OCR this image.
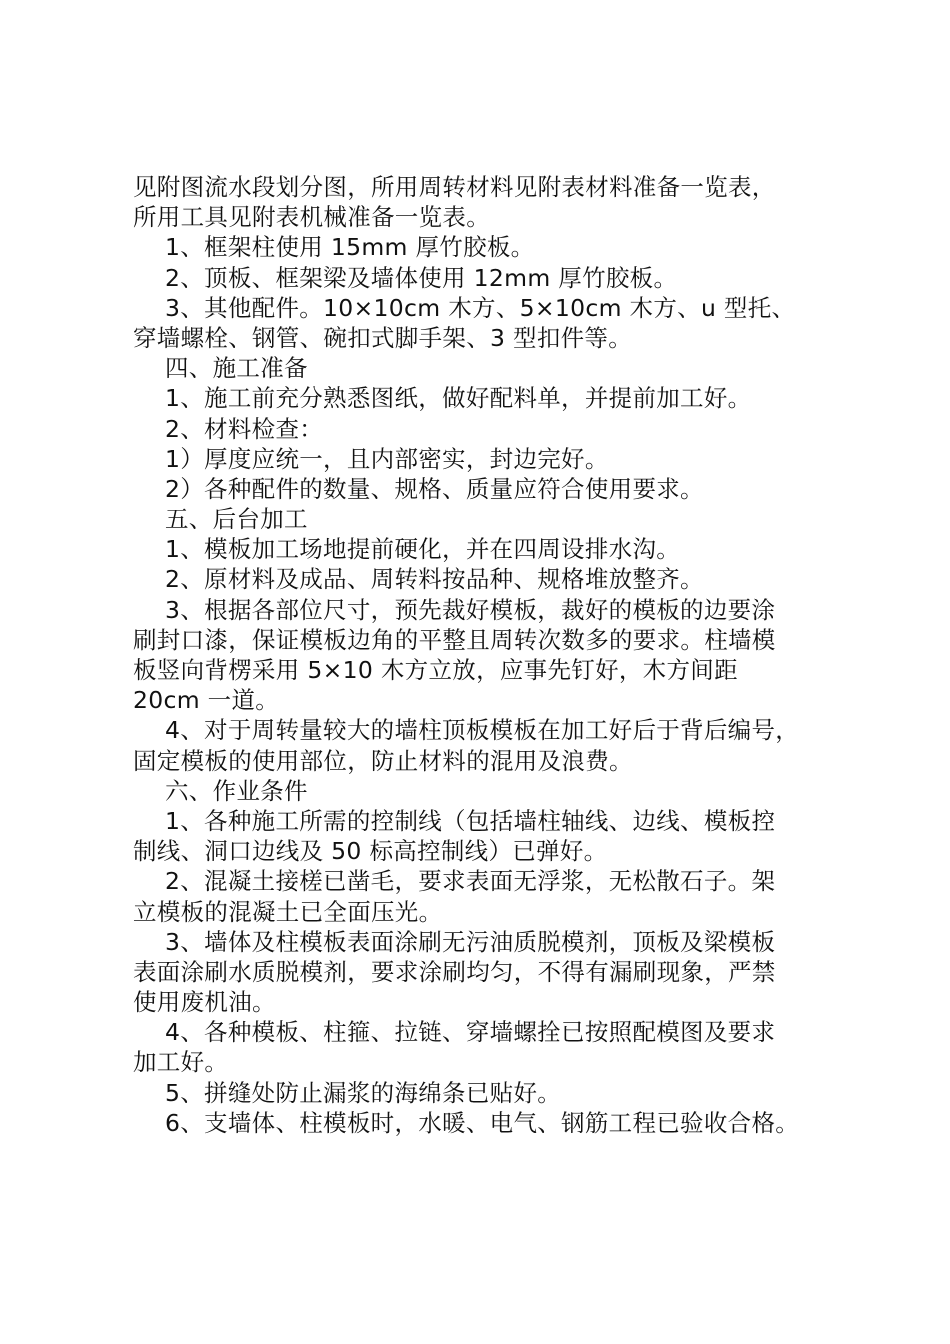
见附图流水段划分图，所用周转材料见附表材料准备一览表，
所用工具见附表机械准备一览表。
1、框架柱使用 15mm 厚竹胶板。
2、顶板、框架梁及墙体使用 12mm 厚竹胶板。
3、其他配件。10×10cm 木方、5×10cm 木方、u 型托、
穿墙螺栓、钢管、碗扣式脚手架、3 型扣件等。
四、施工准备
1、施工前充分熟悉图纸，做好配料单，并提前加工好。
2、材料检查：
1）厚度应统一，且内部密实，封边完好。
2）各种配件的数量、规格、质量应符合使用要求。
五、后台加工
1、模板加工场地提前硬化，并在四周设排水沟。
2、原材料及成品、周转料按品种、规格堆放整齐。
3、根据各部位尺寸，预先裁好模板，裁好的模板的边要涂
刷封口漆，保证模板边角的平整且周转次数多的要求。柱墙模
板竖向背楞采用 5×10 木方立放，应事先钉好，木方间距
20cm 一道。
4、对于周转量较大的墙柱顶板模板在加工好后于背后编号，
固定模板的使用部位，防止材料的混用及浪费。
六、作业条件
1、各种施工所需的控制线（包括墙柱轴线、边线、模板控
制线、洞口边线及 50 标高控制线）已弹好。
2、混凝土接槎已凿毛，要求表面无浮浆，无松散石子。架
立模板的混凝土已全面压光。
3、墙体及柱模板表面涂刷无污油质脱模剂，顶板及梁模板
表面涂刷水质脱模剂，要求涂刷均匀，不得有漏刷现象，严禁
使用废机油。
4、各种模板、柱箍、拉链、穿墙螺拴已按照配模图及要求
加工好。
5、拼缝处防止漏浆的海绵条已贴好。
6、支墙体、柱模板时，水暖、电气、钢筋工程已验收合格。
